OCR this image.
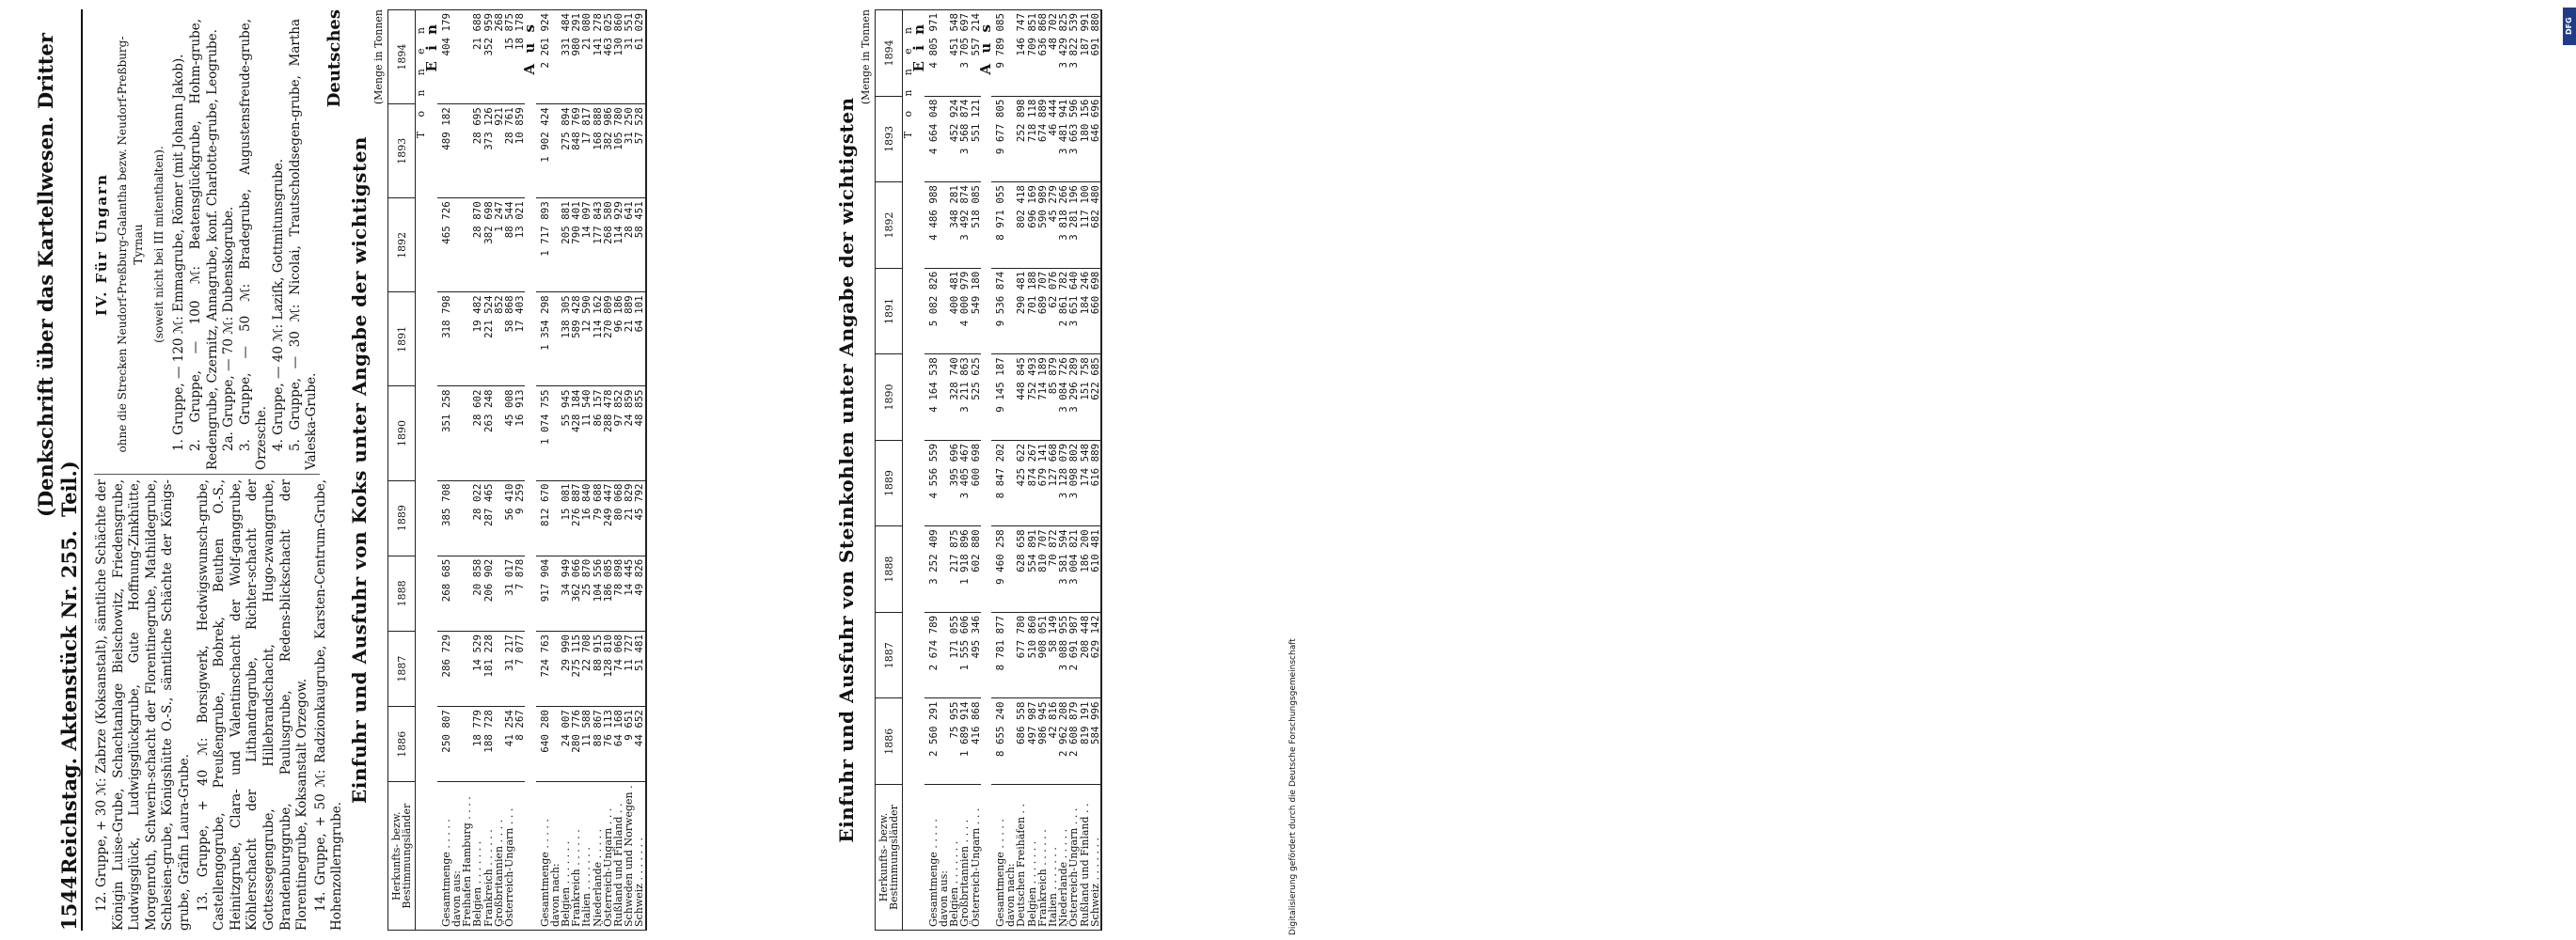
1544
Reichstag. Aktenstück Nr. 255.
(Denkschrift über das Kartellwesen. Dritter Teil.) 12. Gruppe, + 30 ℳ: Zabrze (Koksanstalt), sämtliche Schächte der Königin Luise-Grube, Schachtanlage Bielschowitz, Friedensgrube, Ludwigsglück, Ludwigsglückgrube, Gute Hoffnung-Zinkhütte, Morgenroth, Schwerin-schacht der Florentinegrube, Mathildegrube, Schlesien-grube, Königshütte O.-S., sämtliche Schächte der Königs-grube, Gräfin Laura-Grube. 13. Gruppe, + 40 ℳ: Borsigwerk, Hedwigswunsch-grube, Castellengogrube, Preußengrube, Bobrek, Beuthen O.-S., Heinitzgrube, Clara- und Valentinschacht der Wolf-ganggrube, Köhlerschacht der Lithandragrube, Richter-schacht der Gottessegengrube, Hillebrandschacht, Hugo-zwanggrube, Brandenburggrube, Paulusgrube, Redens-blickschacht der Florentinegrube, Koksanstalt Orzegow. 14. Gruppe, + 50 ℳ: Radzionkaugrube, Karsten-Centrum-Grube, Hohenzollerngrube.

IV. Für Ungarn ohne die Strecken Neudorf-Preßburg-Galantha bezw. Neudorf-Preßburg-Tyrnau (soweit nicht bei III mitenthalten). 1. Gruppe, — 120 ℳ: Emmagrube, Römer (mit Johann Jakob). 2. Gruppe, — 100 ℳ: Beatensglückgrube, Hohm-grube, Redengrube, Czernitz, Annagrube, konf. Charlotte-grube, Leogrube. 2a. Gruppe, — 70 ℳ: Dubenskogrube. 3. Gruppe, — 50 ℳ: Bradegrube, Augustensfreude-grube, Orzesche. 4. Gruppe, — 40 ℳ: Laziſk, Gottmitunsgrube. 5. Gruppe, — 30 ℳ: Nicolai, Trautscholdsegen-grube, Martha Valeska-Grube.

Deutsches
Einfuhr und Ausfuhr von Koks unter Angabe der wichtigsten
(Menge in Tonnen
Herkunfts- bezw. Bestimmungsländer	1886	1887	1888	1889	1890	1891	1892	1893	1894
T o n n e n									
E i n									
Gesamtmenge . . . . .	250 807	286 729	268 685	385 708	351 258	318 798	465 726	489 182	404 179
davon aus:									
Freihafen Hamburg . . . .									
Belgien . . . . . . .	18 779	14 529	20 858	28 022	28 602	19 482	28 870	28 695	21 688
Frankreich . . . . . .	188 728	181 228	206 902	287 465	263 248	221 524	382 698	373 126	352 959
Großbritannien . . . .						852	1 247	921	268
Österreich-Ungarn . . .	41 254	31 217	31 017	56 410	45 008	58 868	88 544	28 761	15 875
	8 267	7 077	7 878	9 259	16 913	17 403	13 021	10 859	18 178
A u s									
Gesamtmenge . . . . .	640 280	724 763	917 904	812 670	1 074 755	1 354 298	1 717 893	1 902 424	2 261 924
davon nach:									
Belgien . . . . . . .	24 007	29 990	34 949	15 081	55 945	138 305	205 881	275 894	331 484
Frankreich . . . . . .	280 776	275 115	362 066	276 887	428 184	589 428	790 401	848 769	980 291
Italien . . . . . . .	11 588	22 708	25 870	16 840	11 540	12 590	14 097	17 817	21 080
Niederlande . . . . .	88 867	88 915	104 556	79 688	86 157	114 162	177 843	168 888	141 278
Österreich-Ungarn . . .	76 113	128 810	186 085	249 447	288 478	270 809	268 580	382 986	463 025
Rußland und Finland . .	64 168	74 068	78 898	80 068	97 852	96 186	114 929	105 780	130 860
Schweden und Norwegen .	9 651	11 727	14 445	21 829	24 859	21 889	28 641	31 250	31 551
Schweiz . . . . . . .	44 652	51 481	49 826	45 792	48 855	64 101	58 451	57 528	61 029
Einfuhr und Ausfuhr von Steinkohlen unter Angabe der wichtigsten
(Menge in Tonnen
Herkunfts- bezw. Bestimmungsländer	1886	1887	1888	1889	1890	1891	1892	1893	1894
T o n n e n									
E i n									
Gesamtmenge . . . . .	2 560 291	2 674 789	3 252 409	4 556 559	4 164 538	5 082 826	4 486 988	4 664 048	4 805 971
davon aus:									
Belgien . . . . . . .	75 955	171 055	217 875	395 696	328 740	400 481	348 281	452 924	451 548
Großbritannien . . . .	1 689 914	1 555 606	1 918 896	3 405 467	3 211 863	4 000 979	3 492 874	3 568 874	3 705 697
Österreich-Ungarn . . .	416 868	495 346	602 880	600 698	525 625	549 180	518 085	551 121	557 214
A u s									
Gesamtmenge . . . . .	8 655 240	8 781 877	9 460 258	8 847 202	9 145 187	9 536 874	8 971 055	9 677 805	9 789 085
davon nach:									
Deutschen Freihäfen . .	686 558	677 780	628 658	425 622	448 845	290 481	802 418	252 898	146 747
Belgien . . . . . . .	497 987	510 860	554 891	874 267	752 493	701 188	696 169	718 118	709 851
Frankreich . . . . . .	986 945	908 051	810 707	679 141	714 189	689 707	590 989	674 889	636 868
Italien . . . . . . .	42 816	58 149	70 872	127 668	85 879	62 076	45 279	46 444	48 702
Niederlande . . . . .	2 962 208	3 088 955	3 581 594	3 128 079	3 084 726	2 861 782	3 818 266	3 481 941	3 429 825
Österreich-Ungarn . . .	2 608 879	2 691 987	3 004 821	3 098 802	3 296 289	3 651 640	3 281 196	3 663 596	3 822 539
Rußland und Finland . .	819 191	208 448	186 200	174 548	151 758	184 246	117 100	180 156	187 991
Schweiz . . . . . . .	584 996	629 142	610 481	616 889	622 685	660 698	682 480	646 696	691 880	DFG
Digitalisierung gefördert durch die Deutsche Forschungsgemeinschaft
